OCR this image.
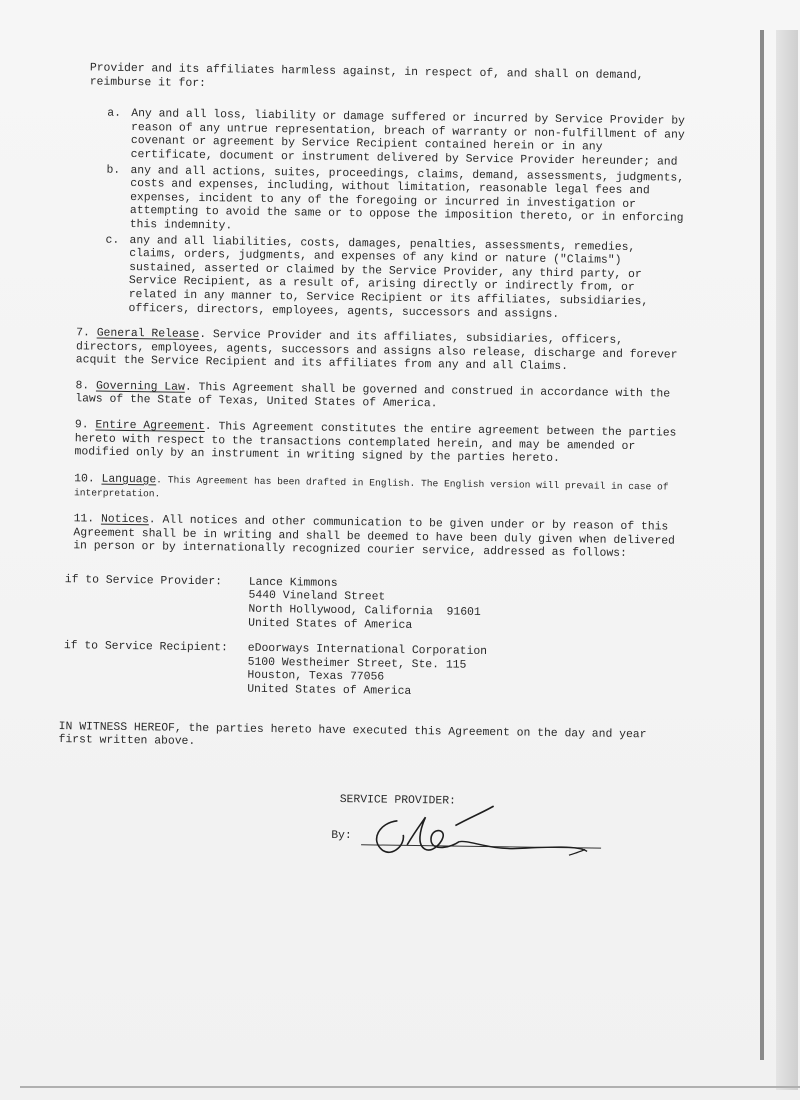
Provider and its affiliates harmless against, in respect of, and shall on demand, reimburse it for:

a. Any and all loss, liability or damage suffered or incurred by Service Provider by reason of any untrue representation, breach of warranty or non-fulfillment of any covenant or agreement by Service Recipient contained herein or in any certificate, document or instrument delivered by Service Provider hereunder; and

b. any and all actions, suites, proceedings, claims, demand, assessments, judgments, costs and expenses, including, without limitation, reasonable legal fees and expenses, incident to any of the foregoing or incurred in investigation or attempting to avoid the same or to oppose the imposition thereto, or in enforcing this indemnity.

c. any and all liabilities, costs, damages, penalties, assessments, remedies, claims, orders, judgments, and expenses of any kind or nature ("Claims") sustained, asserted or claimed by the Service Provider, any third party, or Service Recipient, as a result of, arising directly or indirectly from, or related in any manner to, Service Recipient or its affiliates, subsidiaries, officers, directors, employees, agents, successors and assigns.

7. General Release. Service Provider and its affiliates, subsidiaries, officers, directors, employees, agents, successors and assigns also release, discharge and forever acquit the Service Recipient and its affiliates from any and all Claims.

8. Governing Law. This Agreement shall be governed and construed in accordance with the laws of the State of Texas, United States of America.

9. Entire Agreement. This Agreement constitutes the entire agreement between the parties hereto with respect to the transactions contemplated herein, and may be amended or modified only by an instrument in writing signed by the parties hereto.

10. Language. This Agreement has been drafted in English. The English version will prevail in case of interpretation.

11. Notices. All notices and other communication to be given under or by reason of this Agreement shall be in writing and shall be deemed to have been duly given when delivered in person or by internationally recognized courier service, addressed as follows:

if to Service Provider:	Lance Kimmons
5440 Vineland Street
North Hollywood, California  91601
United States of America
if to Service Recipient:	eDoorways International Corporation
5100 Westheimer Street, Ste. 115
Houston, Texas 77056
United States of America

IN WITNESS HEREOF, the parties hereto have executed this Agreement on the day and year first written above.

SERVICE PROVIDER:
By:
